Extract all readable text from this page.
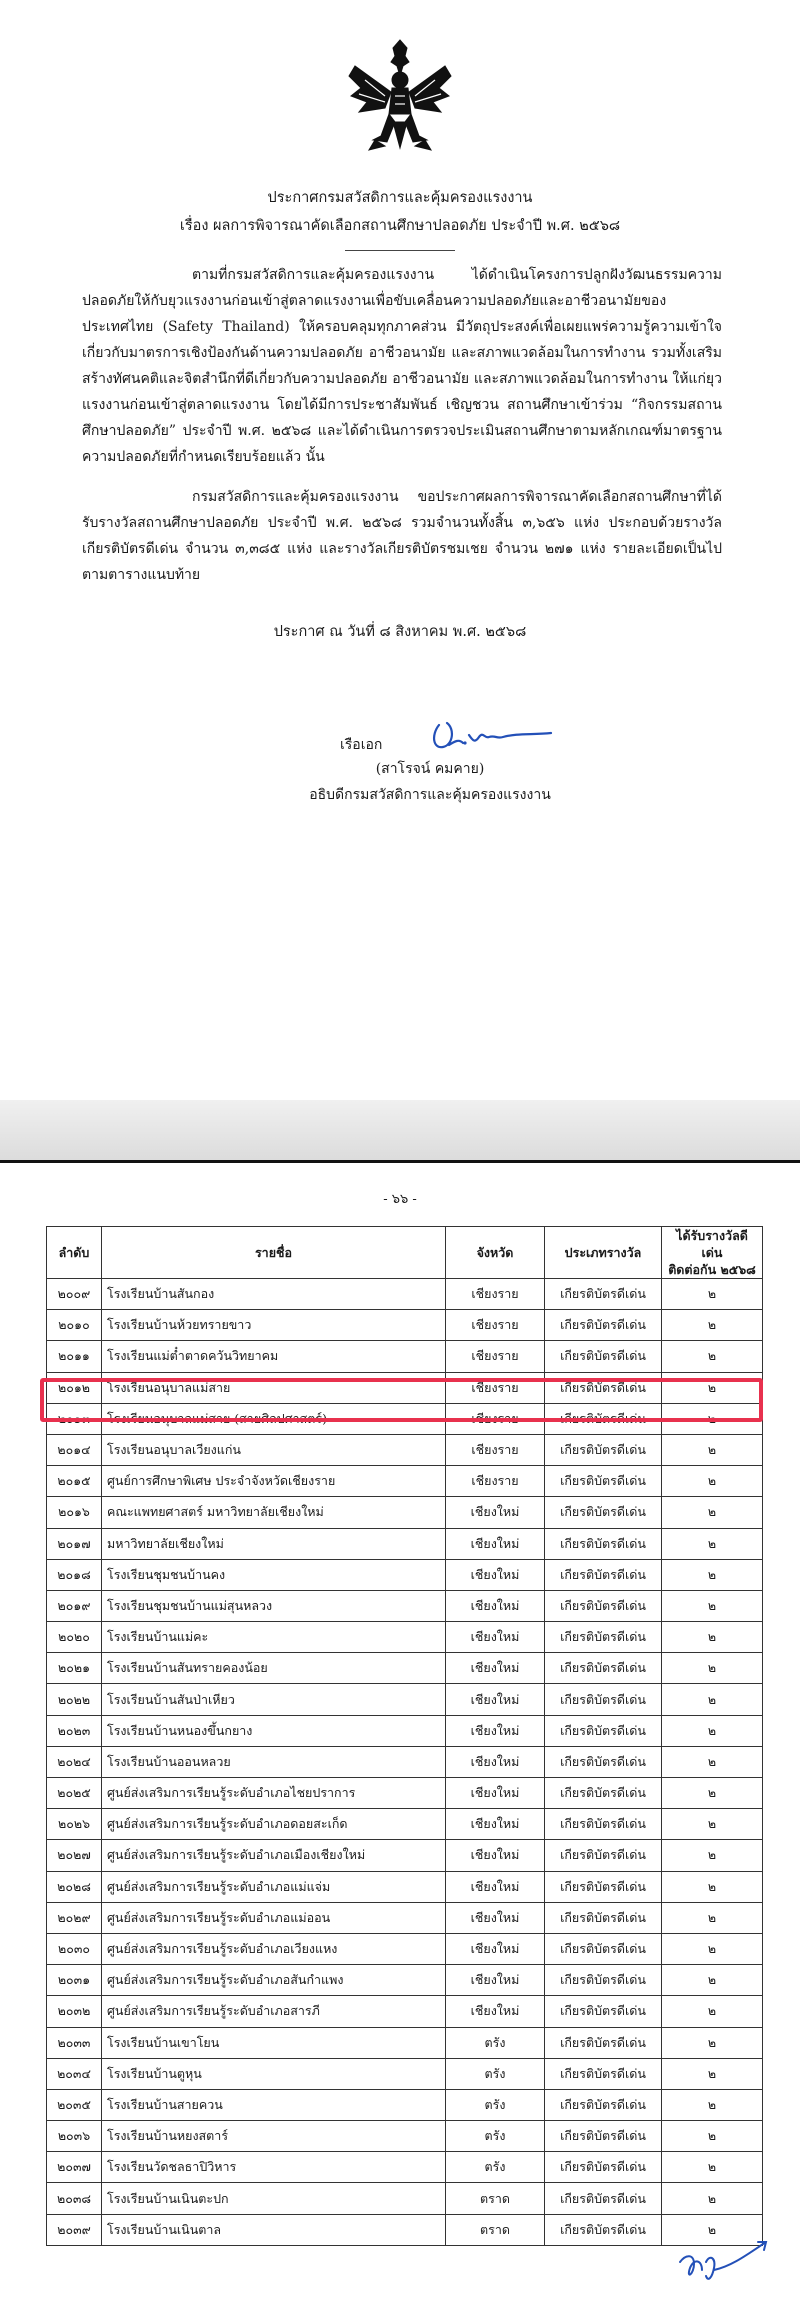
ประกาศกรมสวัสดิการและคุ้มครองแรงงาน
เรื่อง ผลการพิจารณาคัดเลือกสถานศึกษาปลอดภัย ประจำปี พ.ศ. ๒๕๖๘
ตามที่กรมสวัสดิการและคุ้มครองแรงงาน ได้ดำเนินโครงการปลูกฝังวัฒนธรรมความปลอดภัยให้กับยุวแรงงานก่อนเข้าสู่ตลาดแรงงานเพื่อขับเคลื่อนความปลอดภัยและอาชีวอนามัยของประเทศไทย (Safety Thailand) ให้ครอบคลุมทุกภาคส่วน มีวัตถุประสงค์เพื่อเผยแพร่ความรู้ความเข้าใจเกี่ยวกับมาตรการเชิงป้องกันด้านความปลอดภัย อาชีวอนามัย และสภาพแวดล้อมในการทำงาน รวมทั้งเสริมสร้างทัศนคติและจิตสำนึกที่ดีเกี่ยวกับความปลอดภัย อาชีวอนามัย และสภาพแวดล้อมในการทำงาน ให้แก่ยุวแรงงานก่อนเข้าสู่ตลาดแรงงาน โดยได้มีการประชาสัมพันธ์ เชิญชวน สถานศึกษาเข้าร่วม “กิจกรรมสถานศึกษาปลอดภัย” ประจำปี พ.ศ. ๒๕๖๘ และได้ดำเนินการตรวจประเมินสถานศึกษาตามหลักเกณฑ์มาตรฐานความปลอดภัยที่กำหนดเรียบร้อยแล้ว นั้น
กรมสวัสดิการและคุ้มครองแรงงาน ขอประกาศผลการพิจารณาคัดเลือกสถานศึกษาที่ได้รับรางวัลสถานศึกษาปลอดภัย ประจำปี พ.ศ. ๒๕๖๘ รวมจำนวนทั้งสิ้น ๓,๖๕๖ แห่ง ประกอบด้วยรางวัลเกียรติบัตรดีเด่น จำนวน ๓,๓๘๕ แห่ง และรางวัลเกียรติบัตรชมเชย จำนวน ๒๗๑ แห่ง รายละเอียดเป็นไปตามตารางแนบท้าย
ประกาศ ณ วันที่ ๘ สิงหาคม พ.ศ. ๒๕๖๘
เรือเอก
(สาโรจน์ คมคาย)
อธิบดีกรมสวัสดิการและคุ้มครองแรงงาน
- ๖๖ -
ลำดับ	รายชื่อ	จังหวัด	ประเภทรางวัล	ได้รับรางวัลดีเด่น
ติดต่อกัน ๒๕๖๘
๒๐๐๙	โรงเรียนบ้านสันกอง	เชียงราย	เกียรติบัตรดีเด่น	๒
๒๐๑๐	โรงเรียนบ้านห้วยทรายขาว	เชียงราย	เกียรติบัตรดีเด่น	๒
๒๐๑๑	โรงเรียนแม่ต๋ำตาดควันวิทยาคม	เชียงราย	เกียรติบัตรดีเด่น	๒
๒๐๑๒	โรงเรียนอนุบาลแม่สาย	เชียงราย	เกียรติบัตรดีเด่น	๒
๒๐๑๓	โรงเรียนอนุบาลแม่สาย (สายศิลปศาสตร์)	เชียงราย	เกียรติบัตรดีเด่น	๒
๒๐๑๔	โรงเรียนอนุบาลเวียงแก่น	เชียงราย	เกียรติบัตรดีเด่น	๒
๒๐๑๕	ศูนย์การศึกษาพิเศษ ประจำจังหวัดเชียงราย	เชียงราย	เกียรติบัตรดีเด่น	๒
๒๐๑๖	คณะแพทยศาสตร์ มหาวิทยาลัยเชียงใหม่	เชียงใหม่	เกียรติบัตรดีเด่น	๒
๒๐๑๗	มหาวิทยาลัยเชียงใหม่	เชียงใหม่	เกียรติบัตรดีเด่น	๒
๒๐๑๘	โรงเรียนชุมชนบ้านคง	เชียงใหม่	เกียรติบัตรดีเด่น	๒
๒๐๑๙	โรงเรียนชุมชนบ้านแม่สุนหลวง	เชียงใหม่	เกียรติบัตรดีเด่น	๒
๒๐๒๐	โรงเรียนบ้านแม่คะ	เชียงใหม่	เกียรติบัตรดีเด่น	๒
๒๐๒๑	โรงเรียนบ้านสันทรายคองน้อย	เชียงใหม่	เกียรติบัตรดีเด่น	๒
๒๐๒๒	โรงเรียนบ้านสันป่าเหียว	เชียงใหม่	เกียรติบัตรดีเด่น	๒
๒๐๒๓	โรงเรียนบ้านหนองขึ้นกยาง	เชียงใหม่	เกียรติบัตรดีเด่น	๒
๒๐๒๔	โรงเรียนบ้านออนหลวย	เชียงใหม่	เกียรติบัตรดีเด่น	๒
๒๐๒๕	ศูนย์ส่งเสริมการเรียนรู้ระดับอำเภอไชยปราการ	เชียงใหม่	เกียรติบัตรดีเด่น	๒
๒๐๒๖	ศูนย์ส่งเสริมการเรียนรู้ระดับอำเภอดอยสะเก็ด	เชียงใหม่	เกียรติบัตรดีเด่น	๒
๒๐๒๗	ศูนย์ส่งเสริมการเรียนรู้ระดับอำเภอเมืองเชียงใหม่	เชียงใหม่	เกียรติบัตรดีเด่น	๒
๒๐๒๘	ศูนย์ส่งเสริมการเรียนรู้ระดับอำเภอแม่แจ่ม	เชียงใหม่	เกียรติบัตรดีเด่น	๒
๒๐๒๙	ศูนย์ส่งเสริมการเรียนรู้ระดับอำเภอแม่ออน	เชียงใหม่	เกียรติบัตรดีเด่น	๒
๒๐๓๐	ศูนย์ส่งเสริมการเรียนรู้ระดับอำเภอเวียงแหง	เชียงใหม่	เกียรติบัตรดีเด่น	๒
๒๐๓๑	ศูนย์ส่งเสริมการเรียนรู้ระดับอำเภอสันกำแพง	เชียงใหม่	เกียรติบัตรดีเด่น	๒
๒๐๓๒	ศูนย์ส่งเสริมการเรียนรู้ระดับอำเภอสารภี	เชียงใหม่	เกียรติบัตรดีเด่น	๒
๒๐๓๓	โรงเรียนบ้านเขาโยน	ตรัง	เกียรติบัตรดีเด่น	๒
๒๐๓๔	โรงเรียนบ้านตูหุน	ตรัง	เกียรติบัตรดีเด่น	๒
๒๐๓๕	โรงเรียนบ้านสายควน	ตรัง	เกียรติบัตรดีเด่น	๒
๒๐๓๖	โรงเรียนบ้านหยงสตาร์	ตรัง	เกียรติบัตรดีเด่น	๒
๒๐๓๗	โรงเรียนวัดชลธาปิวิหาร	ตรัง	เกียรติบัตรดีเด่น	๒
๒๐๓๘	โรงเรียนบ้านเนินตะปก	ตราด	เกียรติบัตรดีเด่น	๒
๒๐๓๙	โรงเรียนบ้านเนินตาล	ตราด	เกียรติบัตรดีเด่น	๒
